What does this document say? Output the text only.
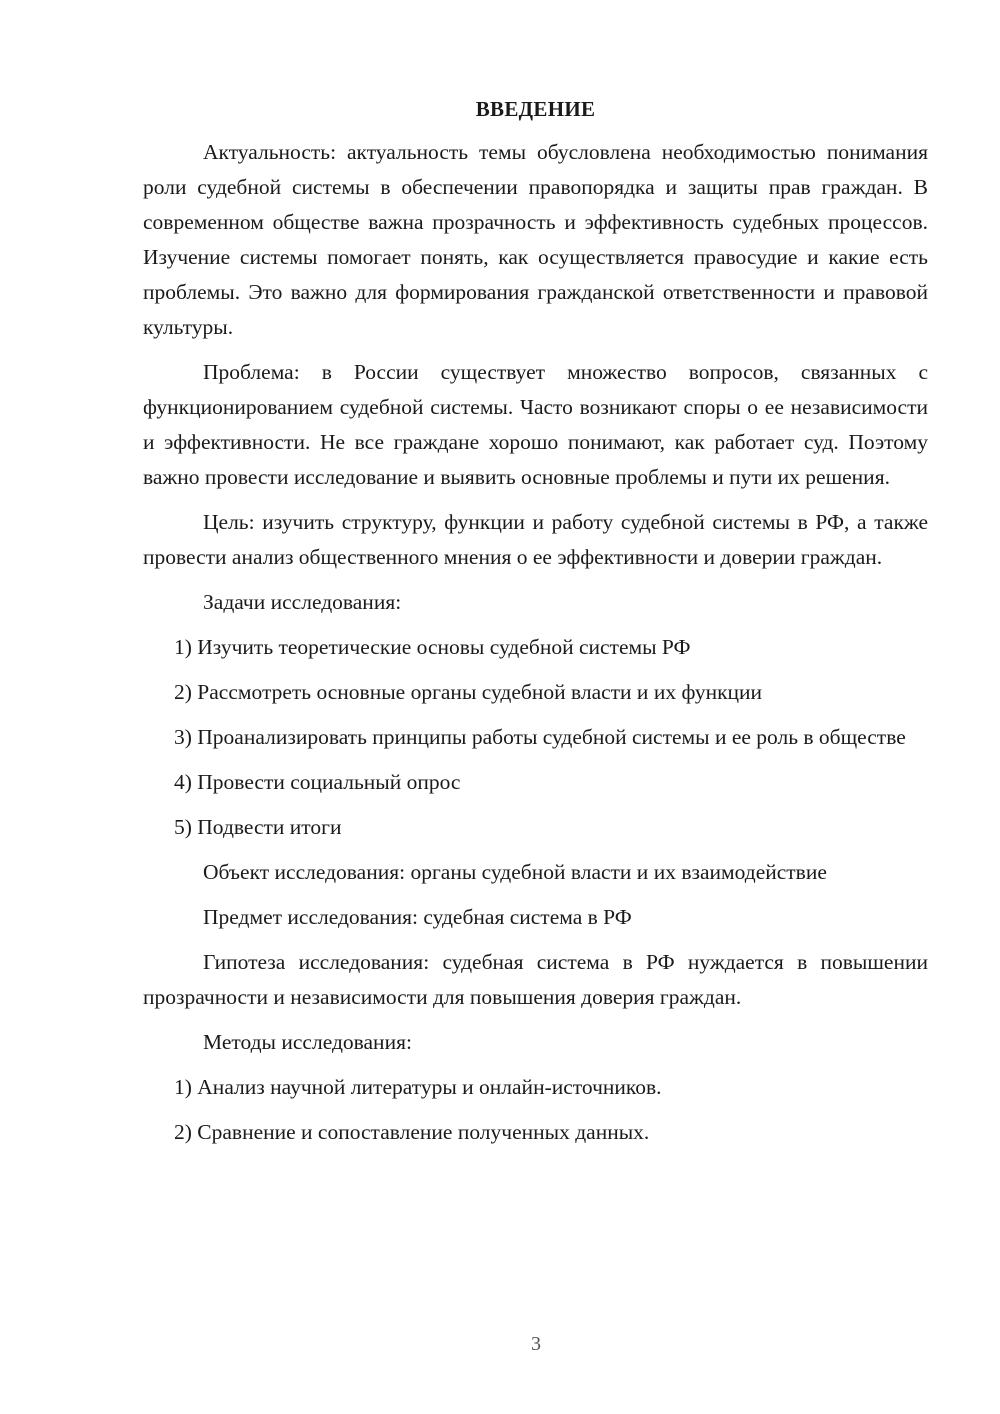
ВВЕДЕНИЕ
Актуальность: актуальность темы обусловлена необходимостью понимания роли судебной системы в обеспечении правопорядка и защиты прав граждан. В современном обществе важна прозрачность и эффективность судебных процессов. Изучение системы помогает понять, как осуществляется правосудие и какие есть проблемы. Это важно для формирования гражданской ответственности и правовой культуры.
Проблема: в России существует множество вопросов, связанных с функционированием судебной системы. Часто возникают споры о ее независимости и эффективности. Не все граждане хорошо понимают, как работает суд. Поэтому важно провести исследование и выявить основные проблемы и пути их решения.
Цель: изучить структуру, функции и работу судебной системы в РФ, а также провести анализ общественного мнения о ее эффективности и доверии граждан.
Задачи исследования:
1) Изучить теоретические основы судебной системы РФ
2) Рассмотреть основные органы судебной власти и их функции
3) Проанализировать принципы работы судебной системы и ее роль в обществе
4) Провести социальный опрос
5) Подвести итоги
Объект исследования: органы судебной власти и их взаимодействие
Предмет исследования: судебная система в РФ
Гипотеза исследования: судебная система в РФ нуждается в повышении прозрачности и независимости для повышения доверия граждан.
Методы исследования:
1) Анализ научной литературы и онлайн-источников.
2) Сравнение и сопоставление полученных данных.
3
